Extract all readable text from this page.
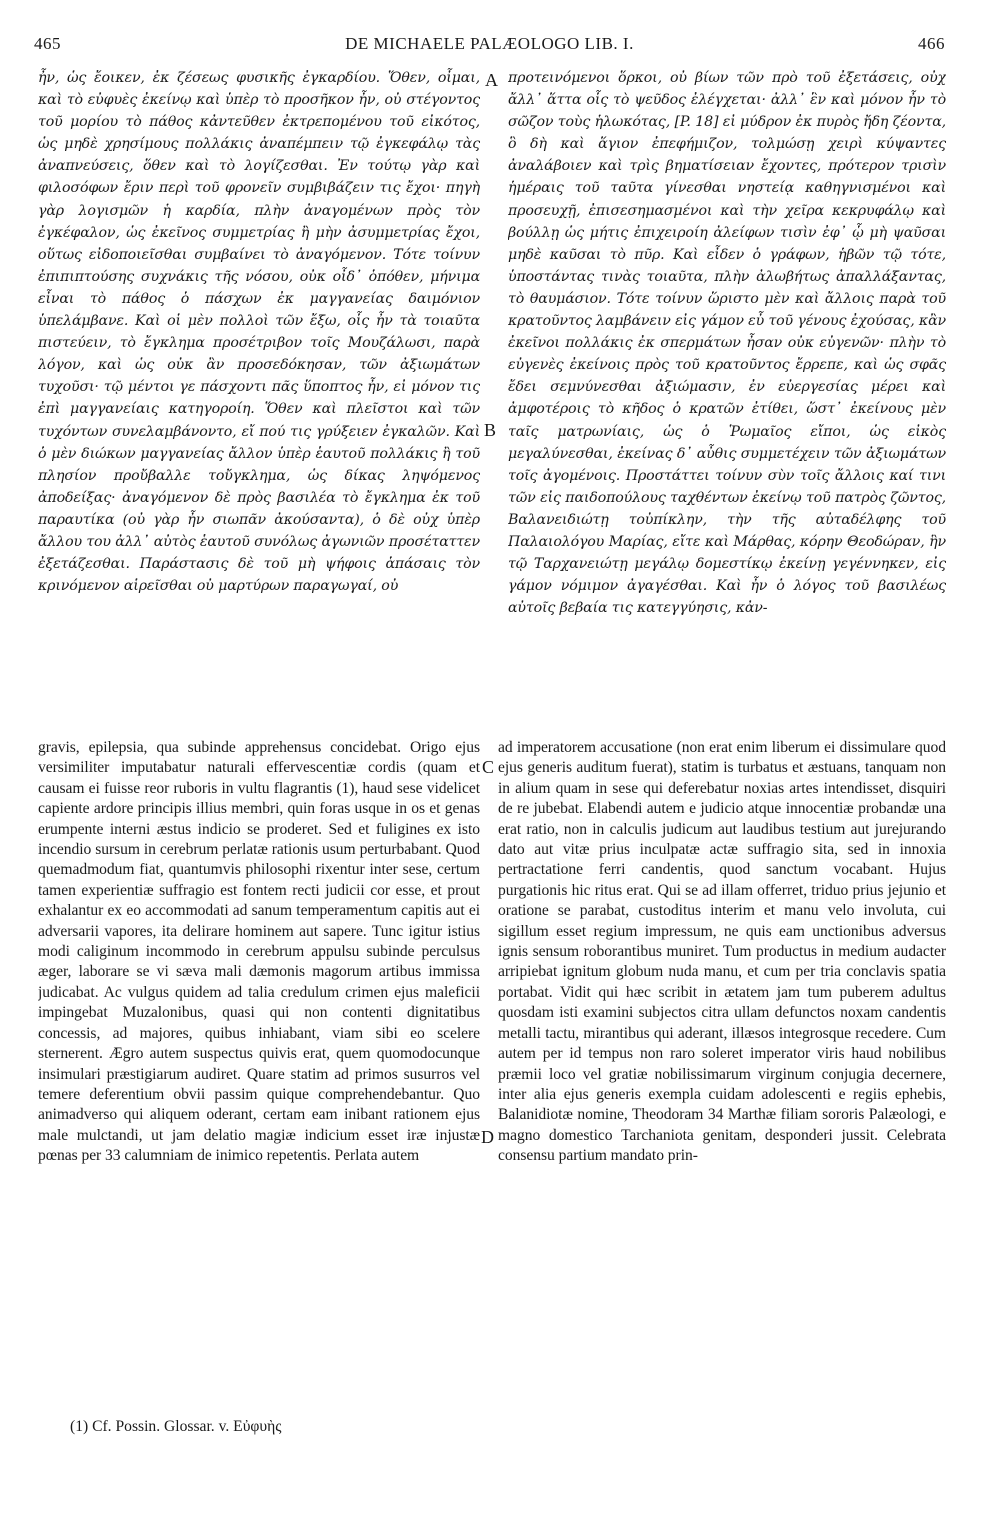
465	DE MICHAELE PALÆOLOGO LIB. I.	466

ἦν, ὡς ἔοικεν, ἐκ ζέσεως φυσικῆς ἐγκαρδίου. Ὅθεν, οἶμαι, καὶ τὸ εὐφυὲς ἐκείνῳ καὶ ὑπὲρ τὸ προσῆκον ἦν, οὐ στέγοντος τοῦ μορίου τὸ πάθος κἀντεῦθεν ἐκτρεπομένου τοῦ εἰκότος, ὡς μηδὲ χρησίμους πολλάκις ἀναπέμπειν τῷ ἐγκεφάλῳ τὰς ἀναπνεύσεις, ὅθεν καὶ τὸ λογίζεσθαι. Ἐν τούτῳ γὰρ καὶ φιλοσόφων ἔριν περὶ τοῦ φρονεῖν συμβιβάζειν τις ἔχοι· πηγὴ γὰρ λογισμῶν ἡ καρδία, πλὴν ἀναγομένων πρὸς τὸν ἐγκέφαλον, ὡς ἐκεῖνος συμμετρίας ἢ μὴν ἀσυμμετρίας ἔχοι, οὕτως εἰδοποιεῖσθαι συμβαίνει τὸ ἀναγόμενον. Τότε τοίνυν ἐπιπιπτούσης συχνάκις τῆς νόσου, οὐκ οἶδ᾽ ὁπόθεν, μήνιμα εἶναι τὸ πάθος ὁ πάσχων ἐκ μαγγανείας δαιμόνιον ὑπελάμβανε. Καὶ οἱ μὲν πολλοὶ τῶν ἔξω, οἷς ἦν τὰ τοιαῦτα πιστεύειν, τὸ ἔγκλημα προσέτριβον τοῖς Μουζάλωσι, παρὰ λόγον, καὶ ὡς οὐκ ἂν προσεδόκησαν, τῶν ἀξιωμάτων τυχοῦσι· τῷ μέντοι γε πάσχοντι πᾶς ὕποπτος ἦν, εἰ μόνον τις ἐπὶ μαγγανείαις κατηγοροίη. Ὅθεν καὶ πλεῖστοι καὶ τῶν τυχόντων συνελαμβάνοντο, εἴ πού τις γρύξειεν ἐγκαλῶν. Καὶ ὁ μὲν διώκων μαγγανείας ἄλλον ὑπὲρ ἑαυτοῦ πολλάκις ἢ τοῦ πλησίον προὔβαλλε τοὔγκλημα, ὡς δίκας ληψόμενος ἀποδείξας· ἀναγόμενον δὲ πρὸς βασιλέα τὸ ἔγκλημα ἐκ τοῦ παραυτίκα (οὐ γὰρ ἦν σιωπᾶν ἀκούσαντα), ὁ δὲ οὐχ ὑπὲρ ἄλλου του ἀλλ᾽ αὐτὸς ἑαυτοῦ συνόλως ἀγωνιῶν προσέταττεν ἐξετάζεσθαι. Παράστασις δὲ τοῦ μὴ ψήφοις ἁπάσαις τὸν κρινόμενον αἱρεῖσθαι οὐ μαρτύρων παραγωγαί, οὐ

προτεινόμενοι ὅρκοι, οὐ βίων τῶν πρὸ τοῦ ἐξετάσεις, οὐχ ἄλλ᾽ ἅττα οἷς τὸ ψεῦδος ἐλέγχεται· ἀλλ᾽ ἓν καὶ μόνον ἦν τὸ σῶζον τοὺς ἡλωκότας, [P. 18] εἰ μύδρον ἐκ πυρὸς ἤδη ζέοντα, ὃ δὴ καὶ ἅγιον ἐπεφήμιζον, τολμώσῃ χειρὶ κύψαντες ἀναλάβοιεν καὶ τρὶς βηματίσειαν ἔχοντες, πρότερον τρισὶν ἡμέραις τοῦ ταῦτα γίνεσθαι νηστείᾳ καθηγνισμένοι καὶ προσευχῇ, ἐπισεσημασμένοι καὶ τὴν χεῖρα κεκρυφάλῳ καὶ βούλλῃ ὡς μήτις ἐπιχειροίη ἀλείφων τισὶν ἐφ᾽ ᾧ μὴ ψαῦσαι μηδὲ καῦσαι τὸ πῦρ. Καὶ εἶδεν ὁ γράφων, ἡβῶν τῷ τότε, ὑποστάντας τινὰς τοιαῦτα, πλὴν ἀλωβήτως ἀπαλλάξαντας, τὸ θαυμάσιον. Τότε τοίνυν ὥριστο μὲν καὶ ἄλλοις παρὰ τοῦ κρατοῦντος λαμβάνειν εἰς γάμον εὖ τοῦ γένους ἐχούσας, κἂν ἐκεῖνοι πολλάκις ἐκ σπερμάτων ἦσαν οὐκ εὐγενῶν· πλὴν τὸ εὐγενὲς ἐκείνοις πρὸς τοῦ κρατοῦντος ἔρρεπε, καὶ ὡς σφᾶς ἔδει σεμνύνεσθαι ἀξιώμασιν, ἐν εὐεργεσίας μέρει καὶ ἀμφοτέροις τὸ κῆδος ὁ κρατῶν ἐτίθει, ὥστ᾽ ἐκείνους μὲν ταῖς ματρωνίαις, ὡς ὁ Ῥωμαῖος εἴποι, ὡς εἰκὸς μεγαλύνεσθαι, ἐκείνας δ᾽ αὖθις συμμετέχειν τῶν ἀξιωμάτων τοῖς ἀγομένοις. Προστάττει τοίνυν σὺν τοῖς ἄλλοις καί τινι τῶν εἰς παιδοπούλους ταχθέντων ἐκείνῳ τοῦ πατρὸς ζῶντος, Βαλανειδιώτῃ τοὐπίκλην, τὴν τῆς αὐταδέλφης τοῦ Παλαιολόγου Μαρίας, εἴτε καὶ Μάρθας, κόρην Θεοδώραν, ἣν τῷ Ταρχανειώτῃ μεγάλῳ δομεστίκῳ ἐκείνῃ γεγέννηκεν, εἰς γάμον νόμιμον ἀγαγέσθαι. Καὶ ἦν ὁ λόγος τοῦ βασιλέως αὐτοῖς βεβαία τις κατεγγύησις, κἀν-

A
B
C
D

gravis, epilepsia, qua subinde apprehensus concidebat. Origo ejus versimiliter imputabatur naturali effervescentiæ cordis (quam et causam ei fuisse reor ruboris in vultu flagrantis (1), haud sese videlicet capiente ardore principis illius membri, quin foras usque in os et genas erumpente interni æstus indicio se proderet. Sed et fuligines ex isto incendio sursum in cerebrum perlatæ rationis usum perturbabant. Quod quemadmodum fiat, quantumvis philosophi rixentur inter sese, certum tamen experientiæ suffragio est fontem recti judicii cor esse, et prout exhalantur ex eo accommodati ad sanum temperamentum capitis aut ei adversarii vapores, ita delirare hominem aut sapere. Tunc igitur istius modi caliginum incommodo in cerebrum appulsu subinde perculsus æger, laborare se vi sæva mali dæmonis magorum artibus immissa judicabat. Ac vulgus quidem ad talia credulum crimen ejus maleficii impingebat Muzalonibus, quasi qui non contenti dignitatibus concessis, ad majores, quibus inhiabant, viam sibi eo scelere sternerent. Ægro autem suspectus quivis erat, quem quomodocunque insimulari præstigiarum audiret. Quare statim ad primos susurros vel temere deferentium obvii passim quique comprehendebantur. Quo animadverso qui aliquem oderant, certam eam inibant rationem ejus male mulctandi, ut jam delatio magiæ indicium esset iræ injustæ pœnas per 33 calumniam de inimico repetentis. Perlata autem

ad imperatorem accusatione (non erat enim liberum ei dissimulare quod ejus generis auditum fuerat), statim is turbatus et æstuans, tanquam non in alium quam in sese qui deferebatur noxias artes intendisset, disquiri de re jubebat. Elabendi autem e judicio atque innocentiæ probandæ una erat ratio, non in calculis judicum aut laudibus testium aut jurejurando dato aut vitæ prius inculpatæ actæ suffragio sita, sed in innoxia pertractatione ferri candentis, quod sanctum vocabant. Hujus purgationis hic ritus erat. Qui se ad illam offerret, triduo prius jejunio et oratione se parabat, custoditus interim et manu velo involuta, cui sigillum esset regium impressum, ne quis eam unctionibus adversus ignis sensum roborantibus muniret. Tum productus in medium audacter arripiebat ignitum globum nuda manu, et cum per tria conclavis spatia portabat. Vidit qui hæc scribit in ætatem jam tum puberem adultus quosdam isti examini subjectos citra ullam defunctos noxam candentis metalli tactu, mirantibus qui aderant, illæsos integrosque recedere. Cum autem per id tempus non raro soleret imperator viris haud nobilibus præmii loco vel gratiæ nobilissimarum virginum conjugia decernere, inter alia ejus generis exempla cuidam adolescenti e regiis ephebis, Balanidiotæ nomine, Theodoram 34 Marthæ filiam sororis Palæologi, e magno domestico Tarchaniota genitam, desponderi jussit. Celebrata consensu partium mandato prin-

(1) Cf. Possin. Glossar. v. Εὐφυὴς
